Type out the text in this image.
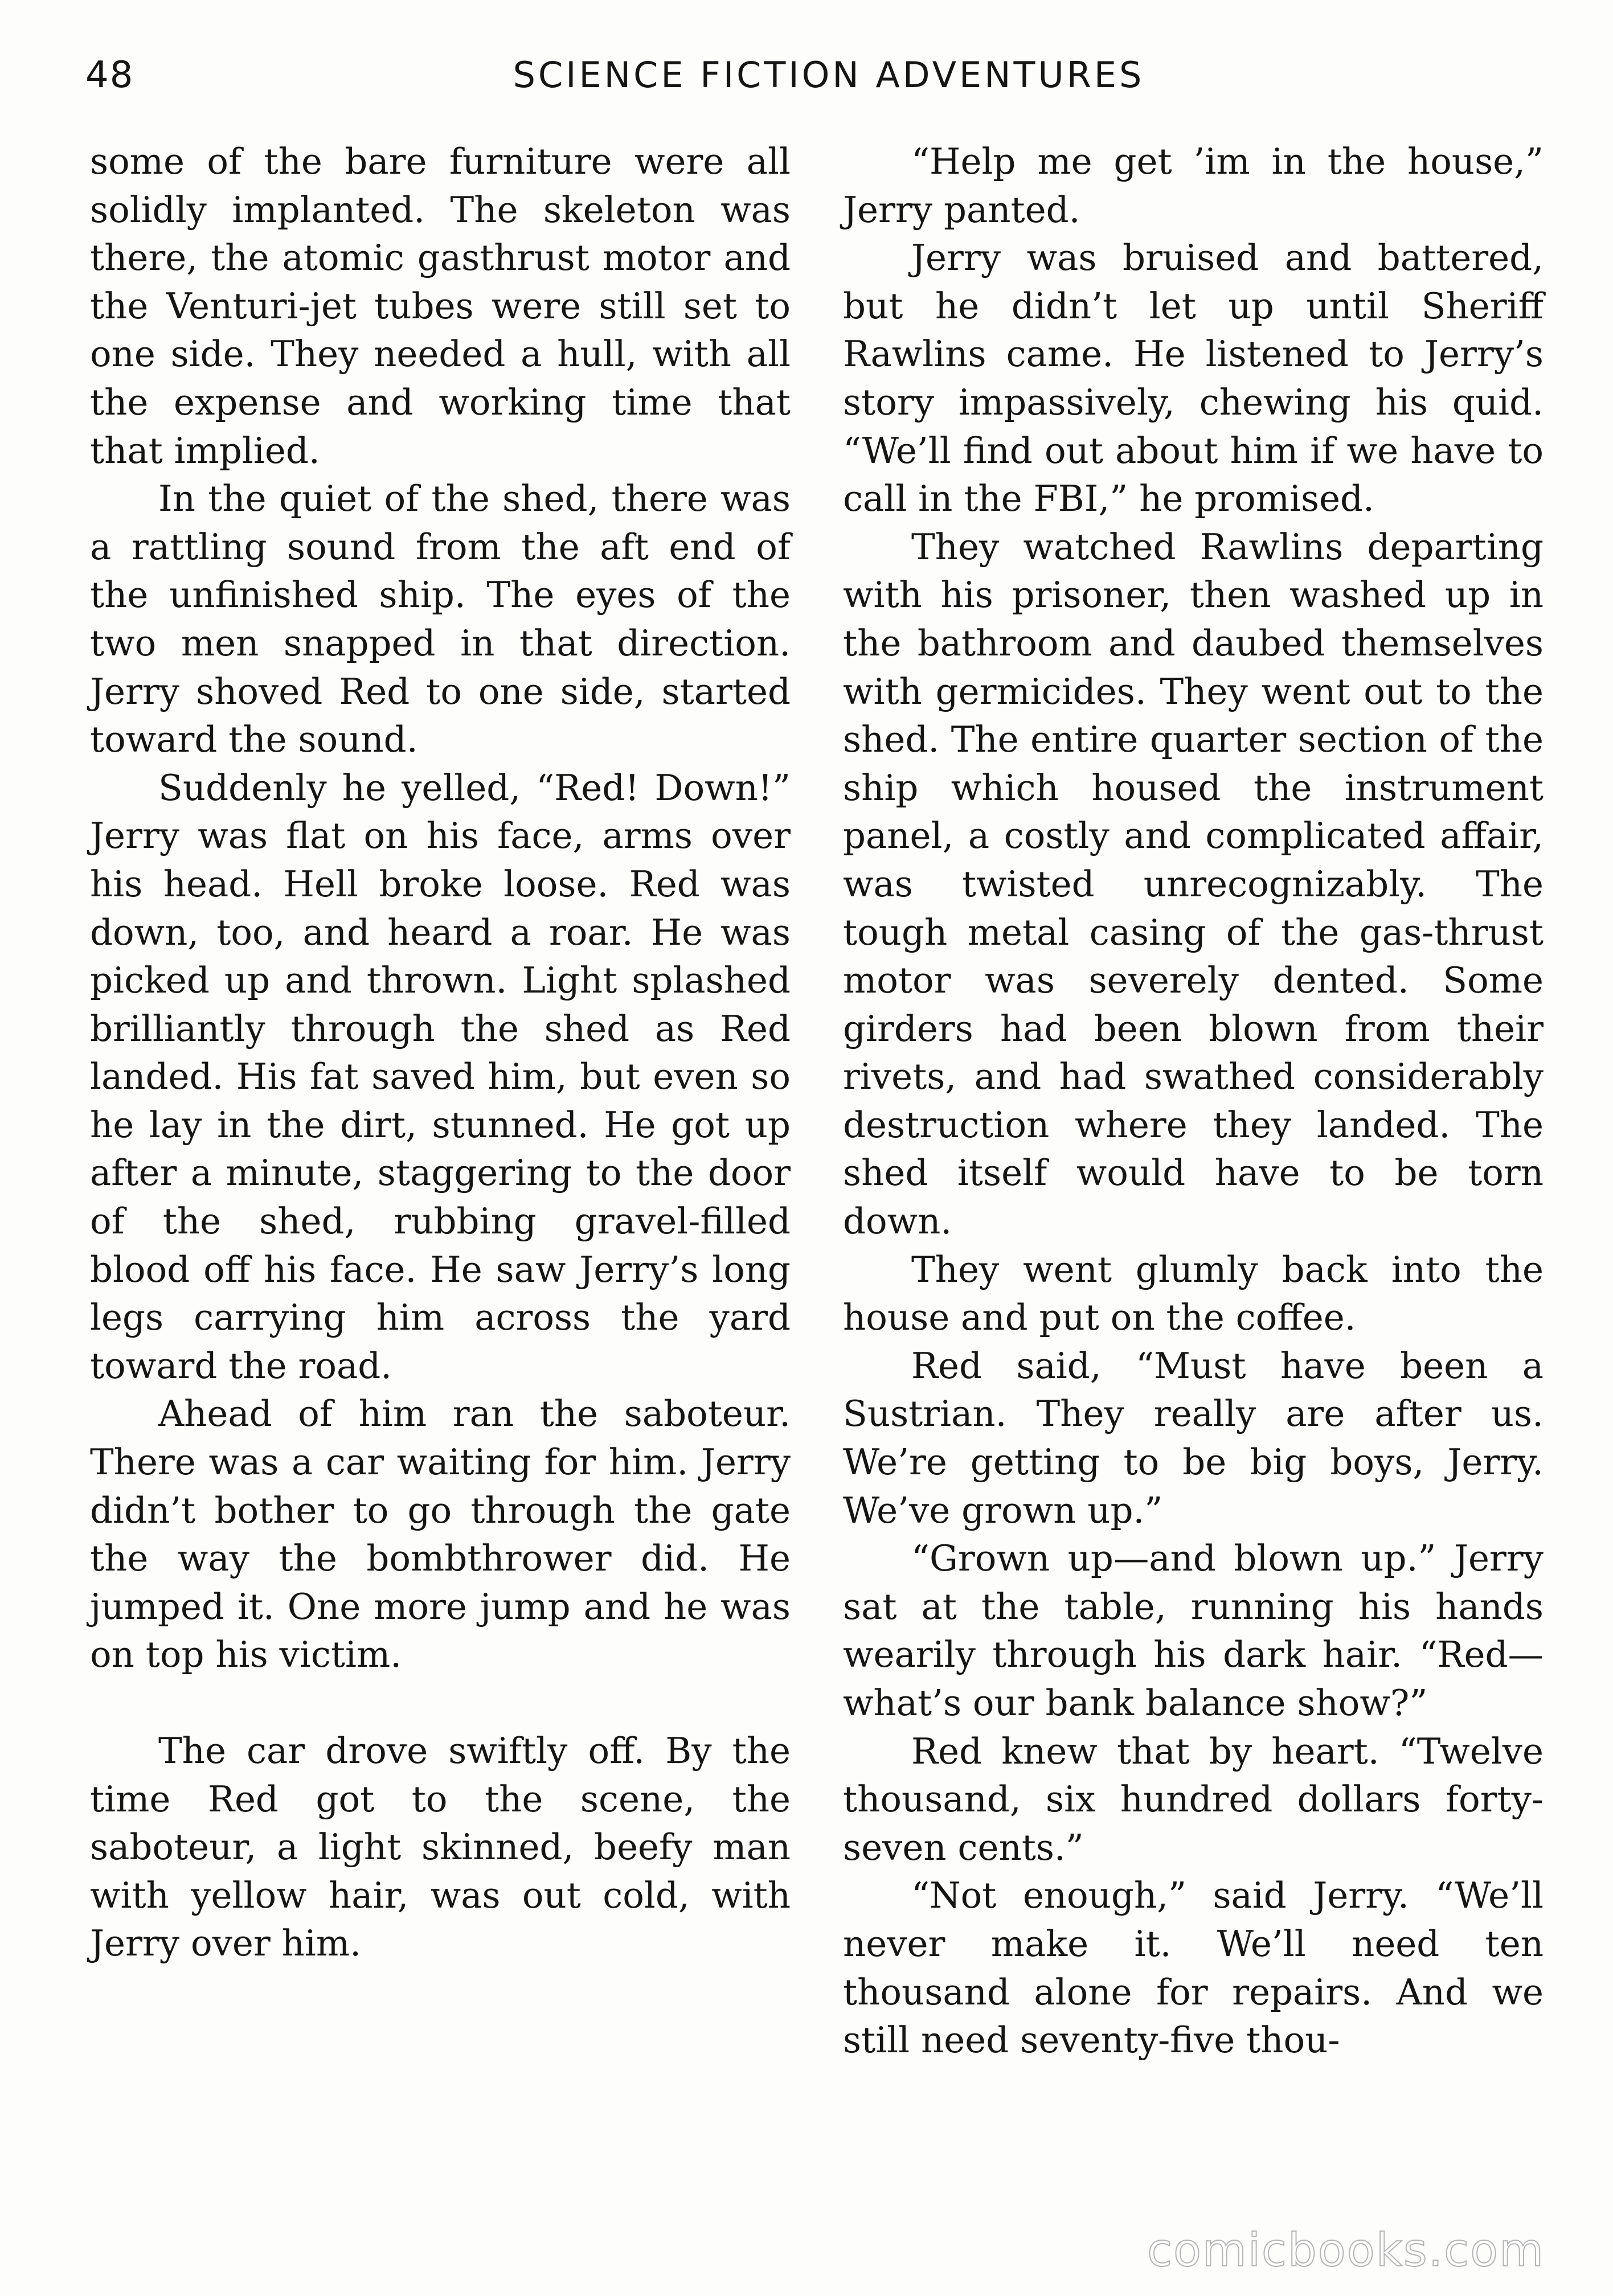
48	SCIENCE FICTION ADVENTURES

some of the bare furniture were all solidly implanted. The skeleton was there, the atomic gasthrust motor and the Venturi-jet tubes were still set to one side. They needed a hull, with all the expense and working time that that implied.

In the quiet of the shed, there was a rattling sound from the aft end of the unfinished ship. The eyes of the two men snapped in that direction. Jerry shoved Red to one side, started toward the sound.

Suddenly he yelled, “Red! Down!” Jerry was flat on his face, arms over his head. Hell broke loose. Red was down, too, and heard a roar. He was picked up and thrown. Light splashed brilliantly through the shed as Red landed. His fat saved him, but even so he lay in the dirt, stunned. He got up after a minute, staggering to the door of the shed, rubbing gravel-filled blood off his face. He saw Jerry’s long legs carrying him across the yard toward the road.

Ahead of him ran the saboteur. There was a car waiting for him. Jerry didn’t bother to go through the gate the way the bombthrower did. He jumped it. One more jump and he was on top his victim.

The car drove swiftly off. By the time Red got to the scene, the saboteur, a light skinned, beefy man with yellow hair, was out cold, with Jerry over him.

“Help me get ’im in the house,” Jerry panted.

Jerry was bruised and battered, but he didn’t let up until Sheriff Rawlins came. He listened to Jerry’s story impassively, chewing his quid. “We’ll find out about him if we have to call in the FBI,” he promised.

They watched Rawlins departing with his prisoner, then washed up in the bathroom and daubed themselves with germicides. They went out to the shed. The entire quarter section of the ship which housed the instrument panel, a costly and complicated affair, was twisted unrecognizably. The tough metal casing of the gas-thrust motor was severely dented. Some girders had been blown from their rivets, and had swathed considerably destruction where they landed. The shed itself would have to be torn down.

They went glumly back into the house and put on the coffee.

Red said, “Must have been a Sustrian. They really are after us. We’re getting to be big boys, Jerry. We’ve grown up.”

“Grown up—and blown up.” Jerry sat at the table, running his hands wearily through his dark hair. “Red—what’s our bank balance show?”

Red knew that by heart. “Twelve thousand, six hundred dollars forty-seven cents.”

“Not enough,” said Jerry. “We’ll never make it. We’ll need ten thousand alone for repairs. And we still need seventy-five thou-

comicbooks.com
